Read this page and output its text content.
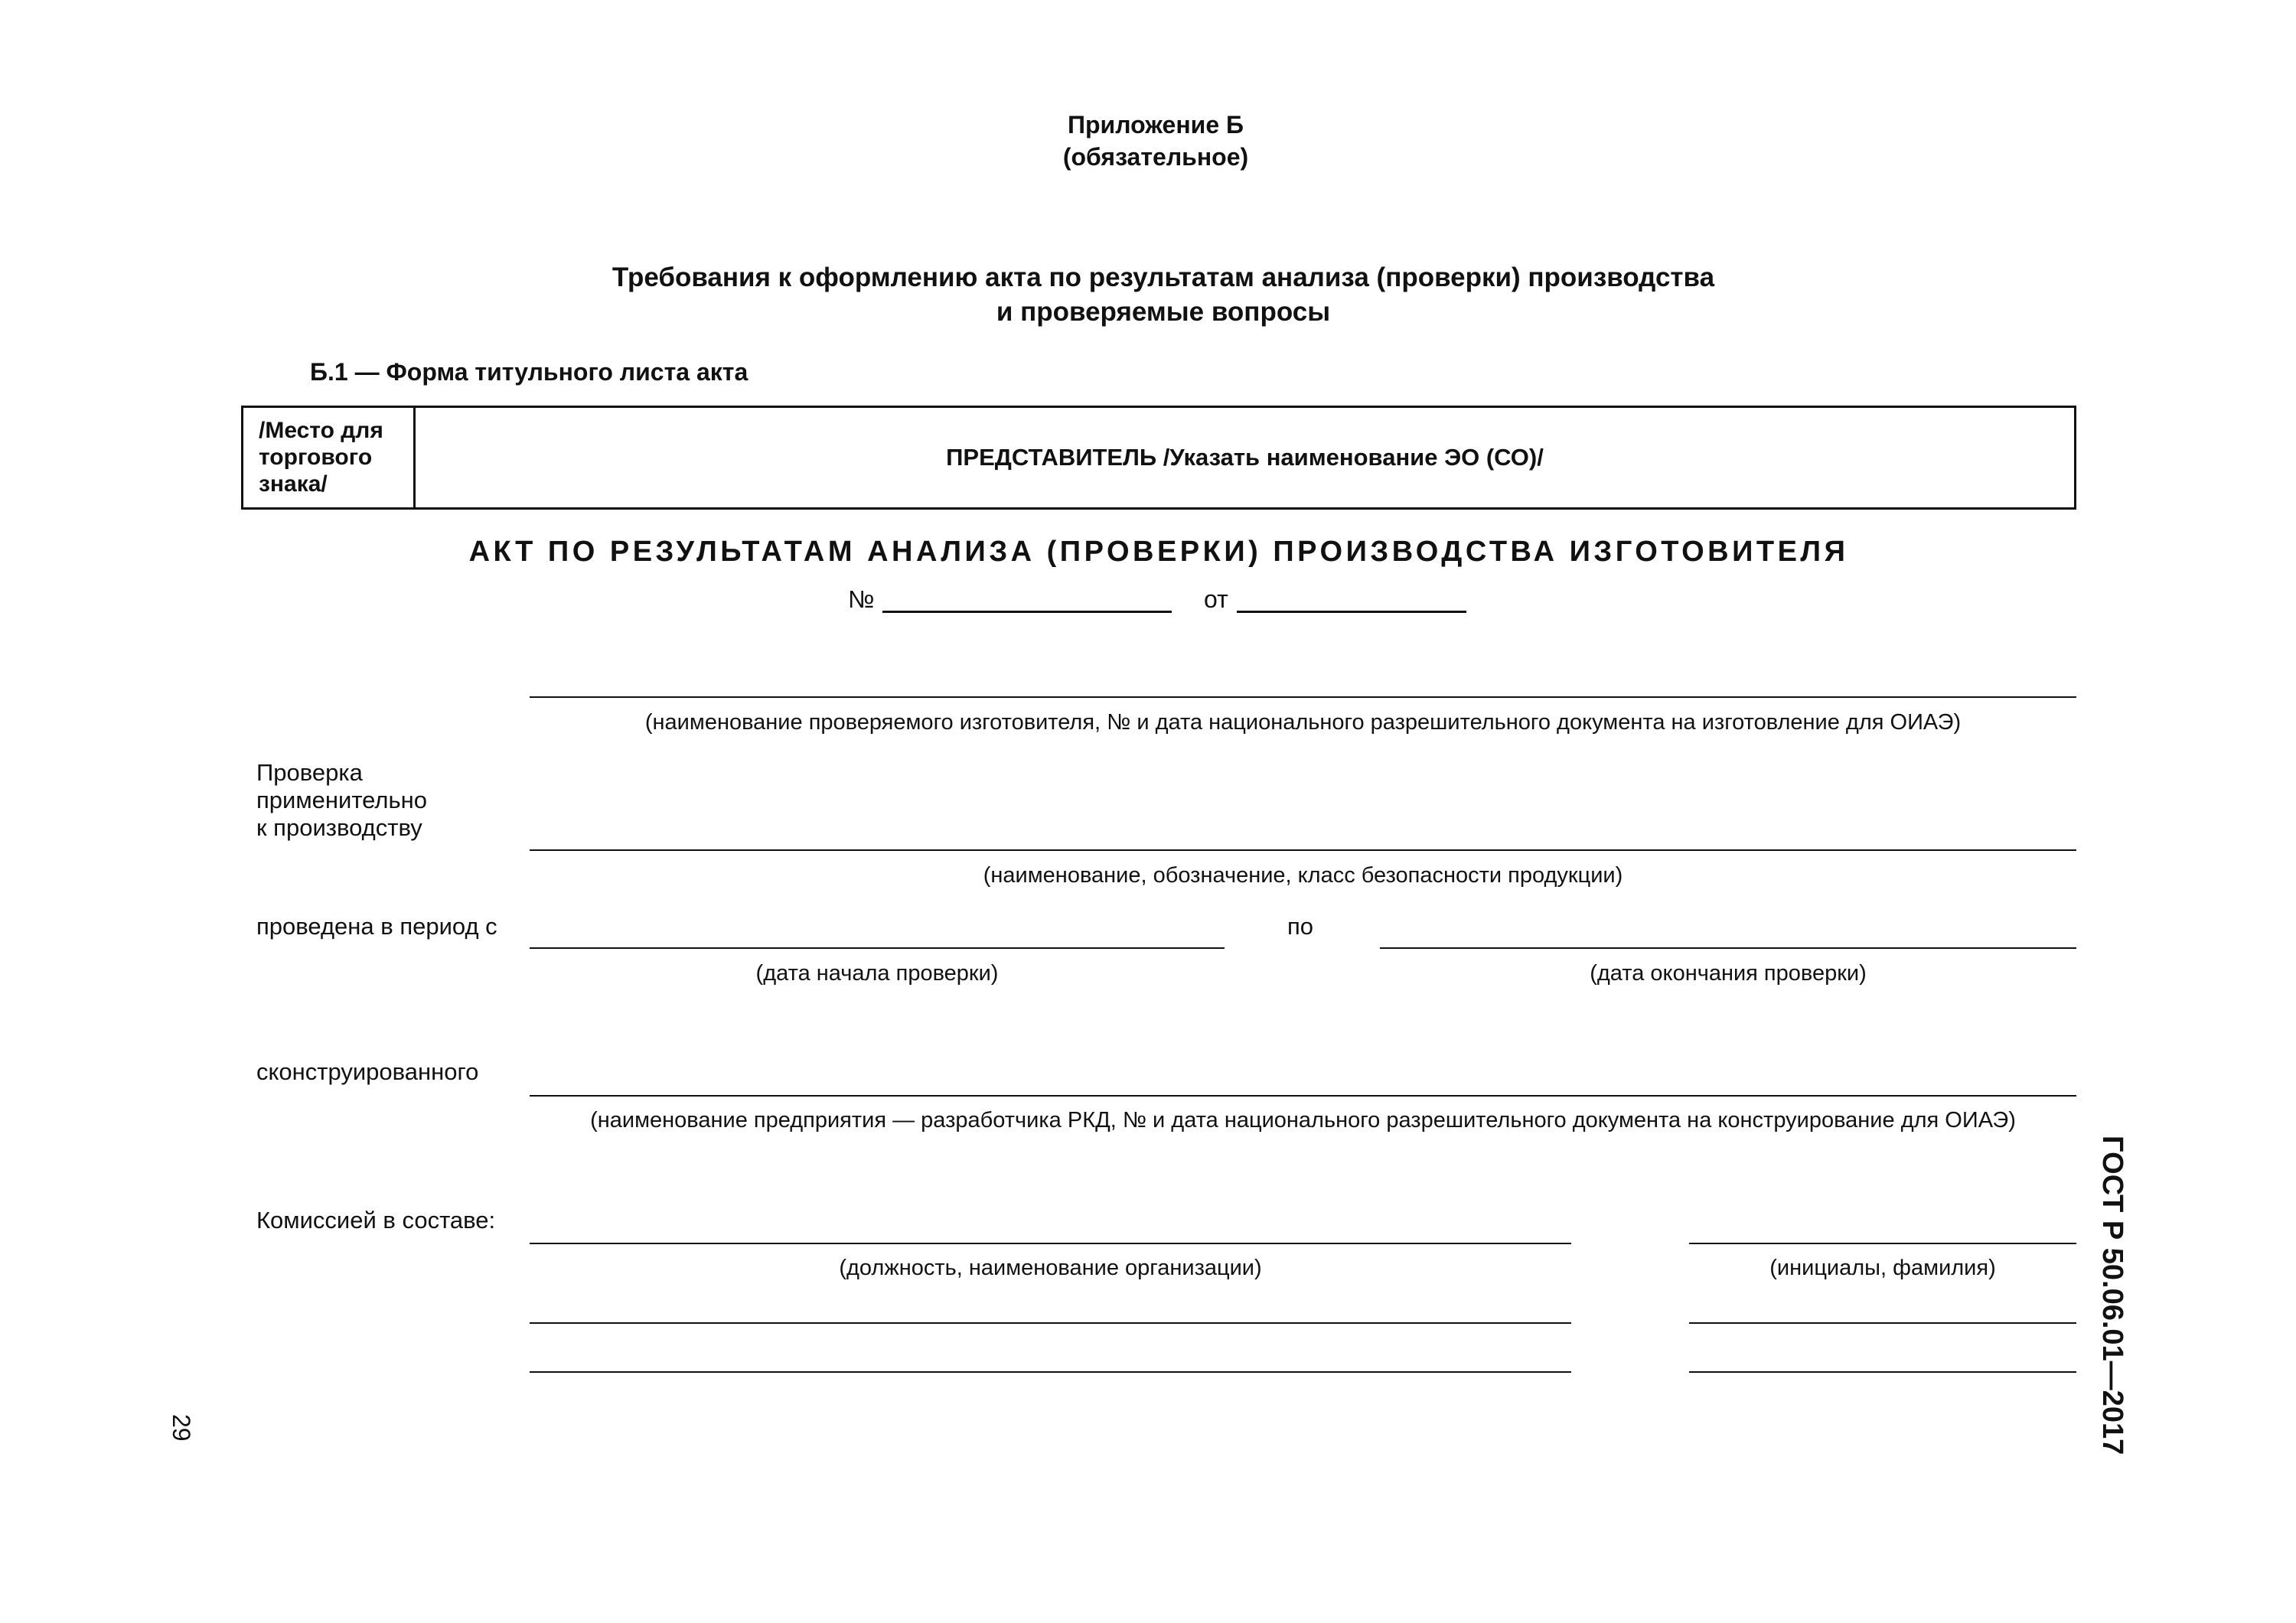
Приложение Б
(обязательное)
Требования к оформлению акта по результатам анализа (проверки) производства
и проверяемые вопросы
Б.1 — Форма титульного листа акта
/Место для
торгового
знака/
ПРЕДСТАВИТЕЛЬ /Указать наименование ЭО (СО)/
АКТ ПО РЕЗУЛЬТАТАМ АНАЛИЗА (ПРОВЕРКИ) ПРОИЗВОДСТВА ИЗГОТОВИТЕЛЯ
№	от
(наименование проверяемого изготовителя, № и дата национального разрешительного документа на изготовление для ОИАЭ)
Проверка
применительно
к производству
(наименование, обозначение, класс безопасности продукции)
проведена в период с	по
(дата начала проверки)	(дата окончания проверки)
сконструированного
(наименование предприятия — разработчика РКД, № и дата национального разрешительного документа на конструирование для ОИАЭ)
Комиссией в составе:
(должность, наименование организации)	(инициалы, фамилия)
29	ГОСТ Р 50.06.01—2017
